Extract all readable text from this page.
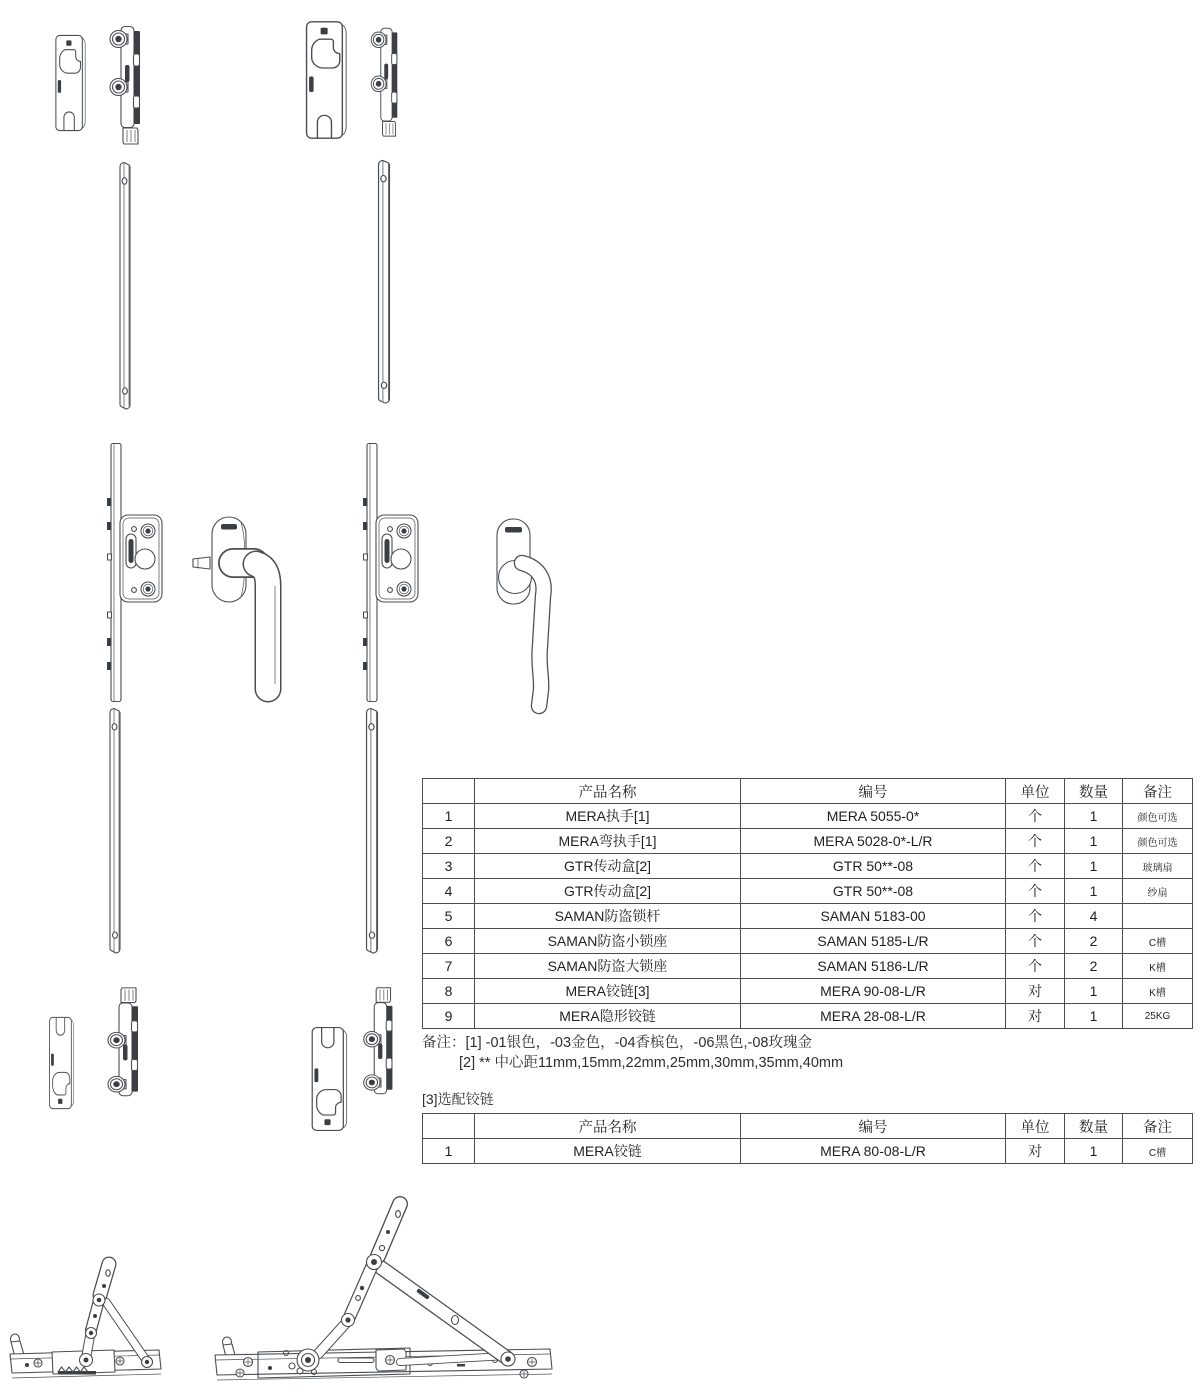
	产品名称	编号	单位	数量	备注
1	MERA执手[1]	MERA 5055-0*	个	1	颜色可选
2	MERA弯执手[1]	MERA 5028-0*-L/R	个	1	颜色可选
3	GTR传动盒[2]	GTR 50**-08	个	1	玻璃扇
4	GTR传动盒[2]	GTR 50**-08	个	1	纱扇
5	SAMAN防盗锁杆	SAMAN 5183-00	个	4	
6	SAMAN防盗小锁座	SAMAN 5185-L/R	个	2	C槽
7	SAMAN防盗大锁座	SAMAN 5186-L/R	个	2	K槽
8	MERA铰链[3]	MERA 90-08-L/R	对	1	K槽
9	MERA隐形铰链	MERA 28-08-L/R	对	1	25KG
备注：[1] -01银色，-03金色，-04香槟色，-06黑色,-08玫瑰金
[2] ** 中心距11mm,15mm,22mm,25mm,30mm,35mm,40mm
[3]选配铰链
	产品名称	编号	单位	数量	备注
1	MERA铰链	MERA 80-08-L/R	对	1	C槽
